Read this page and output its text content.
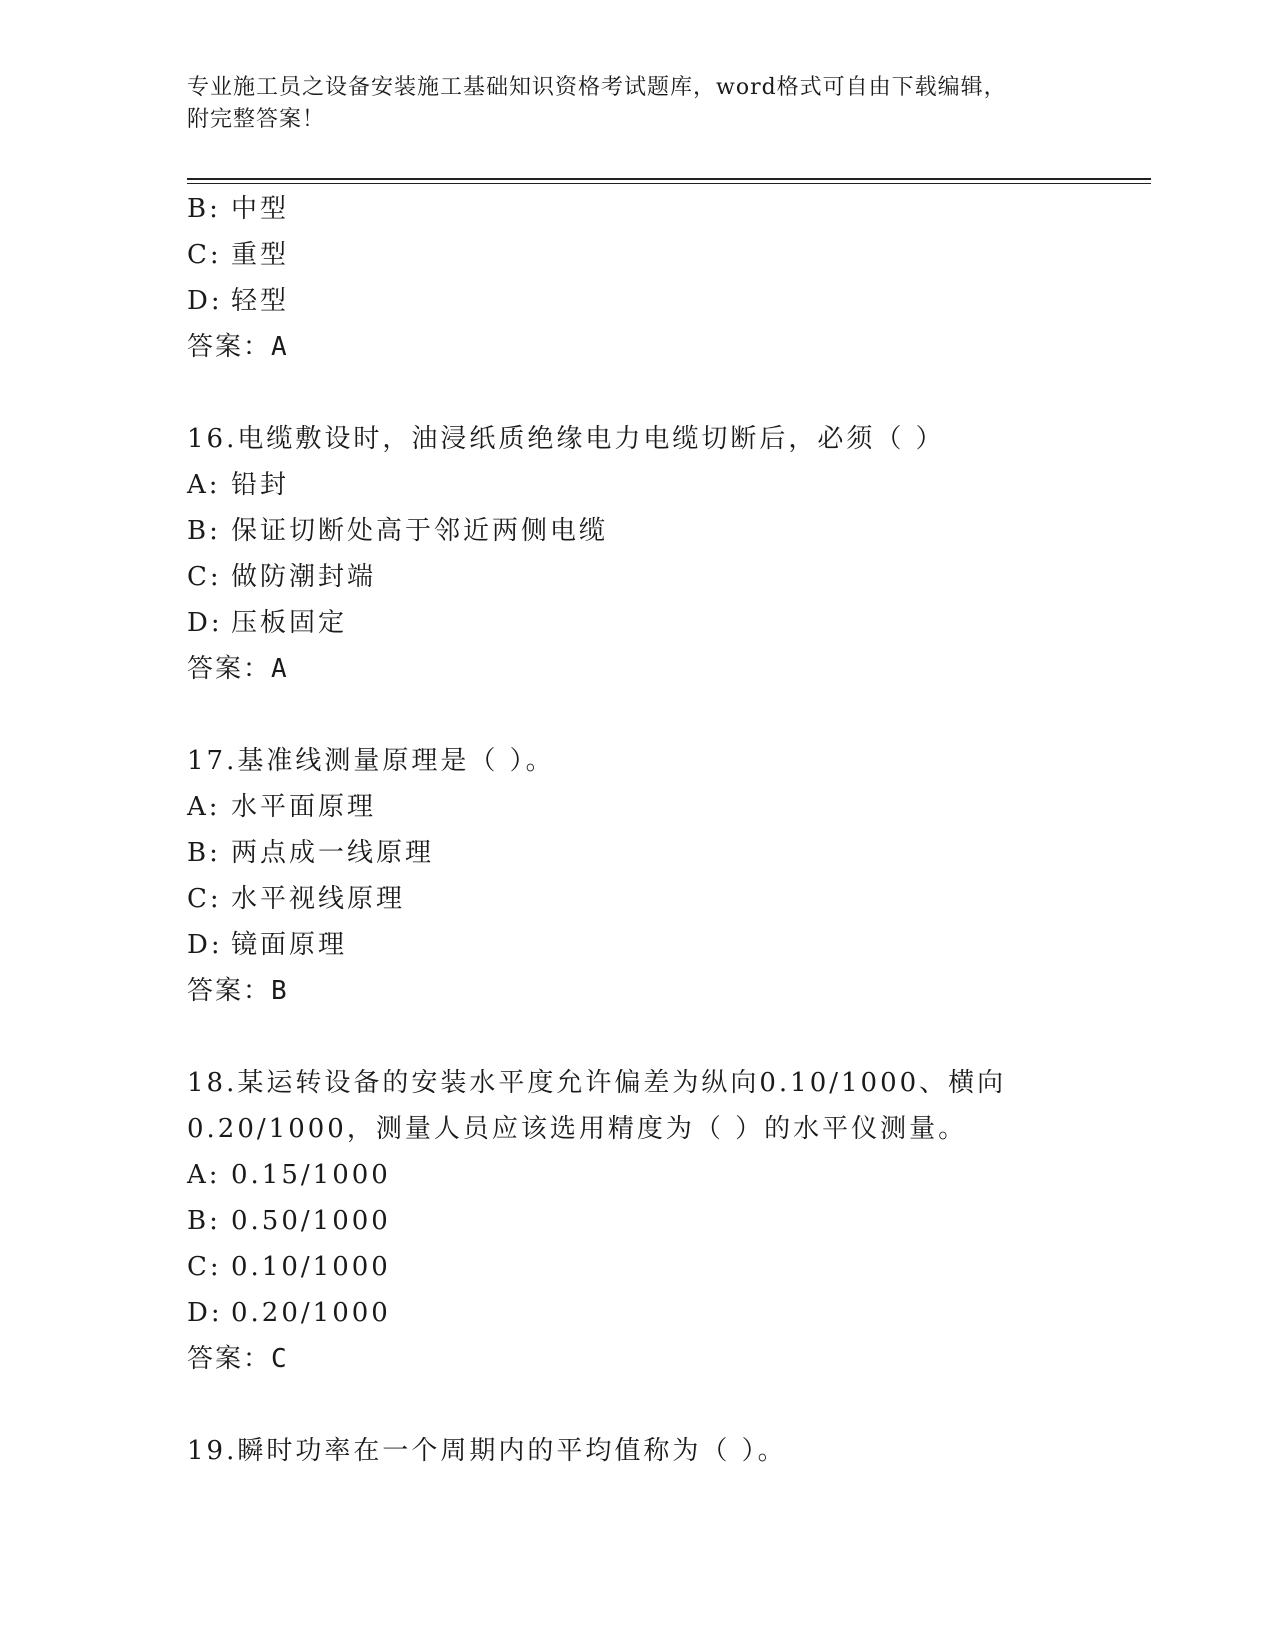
专业施工员之设备安装施工基础知识资格考试题库，word格式可自由下载编辑，
附完整答案！
B: 中型
C: 重型
D: 轻型
答案：A
16.电缆敷设时，油浸纸质绝缘电力电缆切断后，必须（ ）
A: 铅封
B: 保证切断处高于邻近两侧电缆
C: 做防潮封端
D: 压板固定
答案：A
17.基准线测量原理是（ ）。
A: 水平面原理
B: 两点成一线原理
C: 水平视线原理
D: 镜面原理
答案：B
18.某运转设备的安装水平度允许偏差为纵向0.10/1000、横向
0.20/1000，测量人员应该选用精度为（ ）的水平仪测量。
A: 0.15/1000
B: 0.50/1000
C: 0.10/1000
D: 0.20/1000
答案：C
19.瞬时功率在一个周期内的平均值称为（ ）。
